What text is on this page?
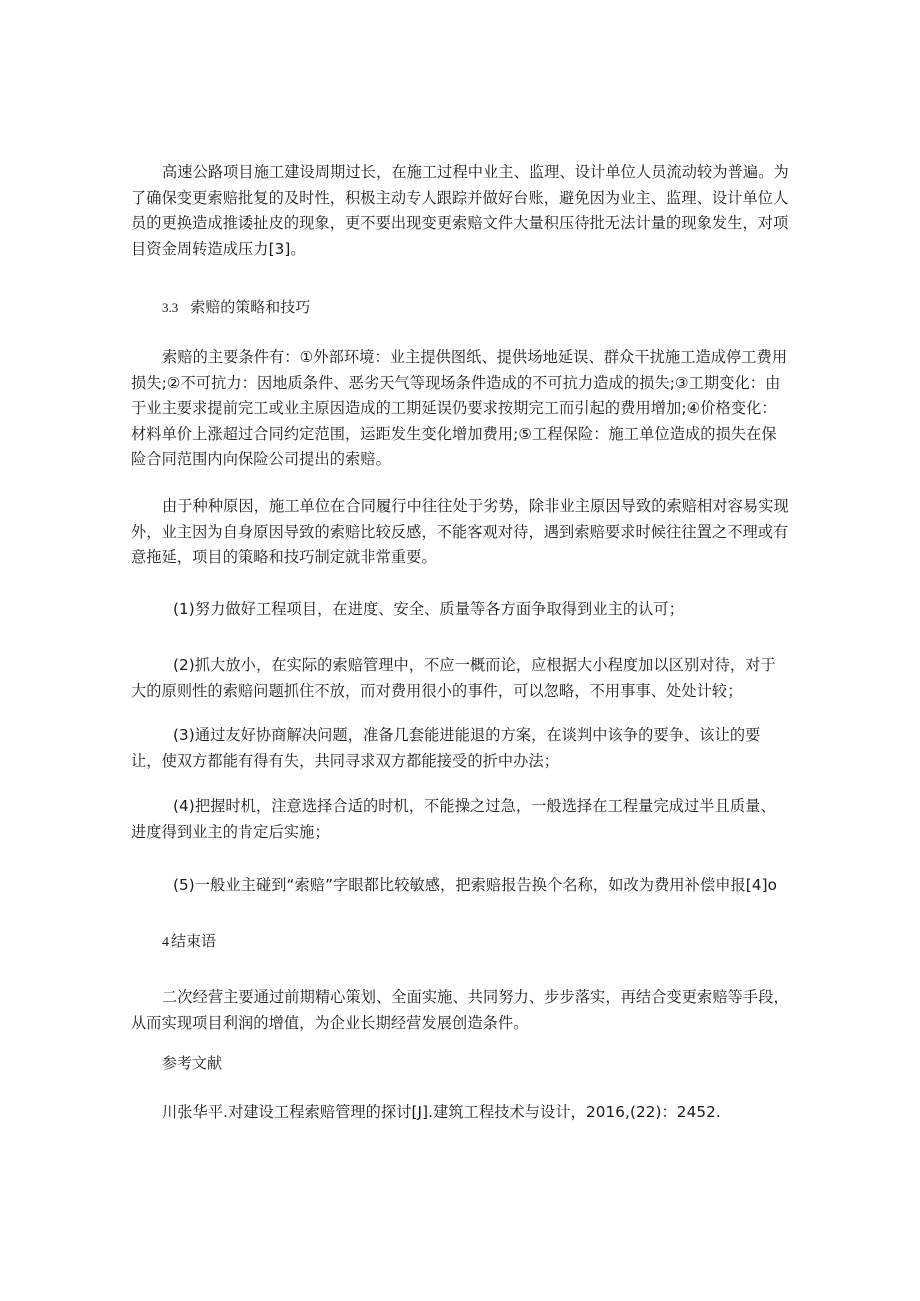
高速公路项目施工建设周期过长，在施工过程中业主、监理、设计单位人员流动较为普遍。为了确保变更索赔批复的及时性，积极主动专人跟踪并做好台账，避免因为业主、监理、设计单位人员的更换造成推诿扯皮的现象，更不要出现变更索赔文件大量积压待批无法计量的现象发生，对项目资金周转造成压力[3]。

3.3 索赔的策略和技巧

索赔的主要条件有：①外部环境：业主提供图纸、提供场地延误、群众干扰施工造成停工费用损失;②不可抗力：因地质条件、恶劣天气等现场条件造成的不可抗力造成的损失;③工期变化：由于业主要求提前完工或业主原因造成的工期延误仍要求按期完工而引起的费用增加;④价格变化：材料单价上涨超过合同约定范围，运距发生变化增加费用;⑤工程保险：施工单位造成的损失在保险合同范围内向保险公司提出的索赔。

由于种种原因，施工单位在合同履行中往往处于劣势，除非业主原因导致的索赔相对容易实现外，业主因为自身原因导致的索赔比较反感，不能客观对待，遇到索赔要求时候往往置之不理或有意拖延，项目的策略和技巧制定就非常重要。

(1)努力做好工程项目，在进度、安全、质量等各方面争取得到业主的认可；

(2)抓大放小，在实际的索赔管理中，不应一概而论，应根据大小程度加以区别对待，对于大的原则性的索赔问题抓住不放，而对费用很小的事件，可以忽略，不用事事、处处计较；

(3)通过友好协商解决问题，准备几套能进能退的方案，在谈判中该争的要争、该让的要让，使双方都能有得有失，共同寻求双方都能接受的折中办法；

(4)把握时机，注意选择合适的时机，不能操之过急，一般选择在工程量完成过半且质量、进度得到业主的肯定后实施；

(5)一般业主碰到“索赔”字眼都比较敏感，把索赔报告换个名称，如改为费用补偿申报[4]o

4 结束语

二次经营主要通过前期精心策划、全面实施、共同努力、步步落实，再结合变更索赔等手段，从而实现项目利润的增值，为企业长期经营发展创造条件。

参考文献

川张华平.对建设工程索赔管理的探讨[J].建筑工程技术与设计，2016,(22)：2452.
